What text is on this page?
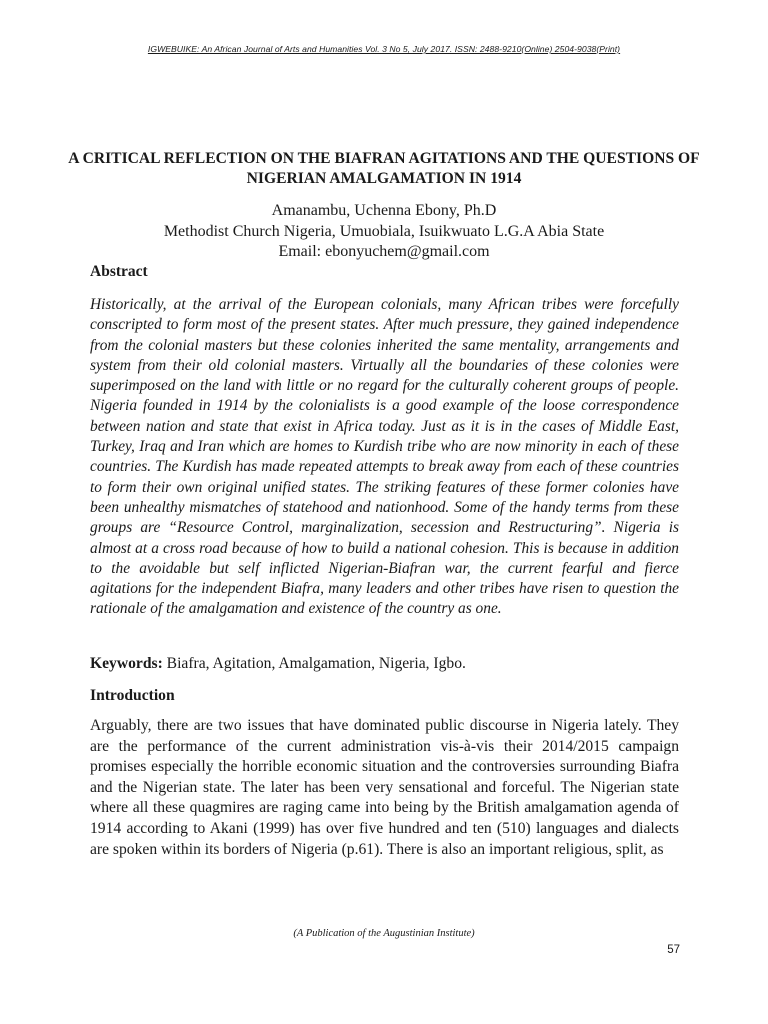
IGWEBUIKE: An African Journal of Arts and Humanities Vol. 3 No 5, July 2017. ISSN: 2488-9210(Online) 2504-9038(Print)
A CRITICAL REFLECTION ON THE BIAFRAN AGITATIONS AND THE QUESTIONS OF NIGERIAN AMALGAMATION IN 1914
Amanambu, Uchenna Ebony, Ph.D
Methodist Church Nigeria, Umuobiala, Isuikwuato L.G.A Abia State
Email: ebonyuchem@gmail.com
Abstract
Historically, at the arrival of the European colonials, many African tribes were forcefully conscripted to form most of the present states. After much pressure, they gained independence from the colonial masters but these colonies inherited the same mentality, arrangements and system from their old colonial masters. Virtually all the boundaries of these colonies were superimposed on the land with little or no regard for the culturally coherent groups of people. Nigeria founded in 1914 by the colonialists is a good example of the loose correspondence between nation and state that exist in Africa today. Just as it is in the cases of Middle East, Turkey, Iraq and Iran which are homes to Kurdish tribe who are now minority in each of these countries. The Kurdish has made repeated attempts to break away from each of these countries to form their own original unified states. The striking features of these former colonies have been unhealthy mismatches of statehood and nationhood. Some of the handy terms from these groups are “Resource Control, marginalization, secession and Restructuring”. Nigeria is almost at a cross road because of how to build a national cohesion. This is because in addition to the avoidable but self inflicted Nigerian-Biafran war, the current fearful and fierce agitations for the independent Biafra, many leaders and other tribes have risen to question the rationale of the amalgamation and existence of the country as one.
Keywords: Biafra, Agitation, Amalgamation, Nigeria, Igbo.
Introduction
Arguably, there are two issues that have dominated public discourse in Nigeria lately. They are the performance of the current administration vis-à-vis their 2014/2015 campaign promises especially the horrible economic situation and the controversies surrounding Biafra and the Nigerian state. The later has been very sensational and forceful. The Nigerian state where all these quagmires are raging came into being by the British amalgamation agenda of 1914 according to Akani (1999) has over five hundred and ten (510) languages and dialects are spoken within its borders of Nigeria (p.61). There is also an important religious, split, as
(A Publication of the Augustinian Institute)
57
